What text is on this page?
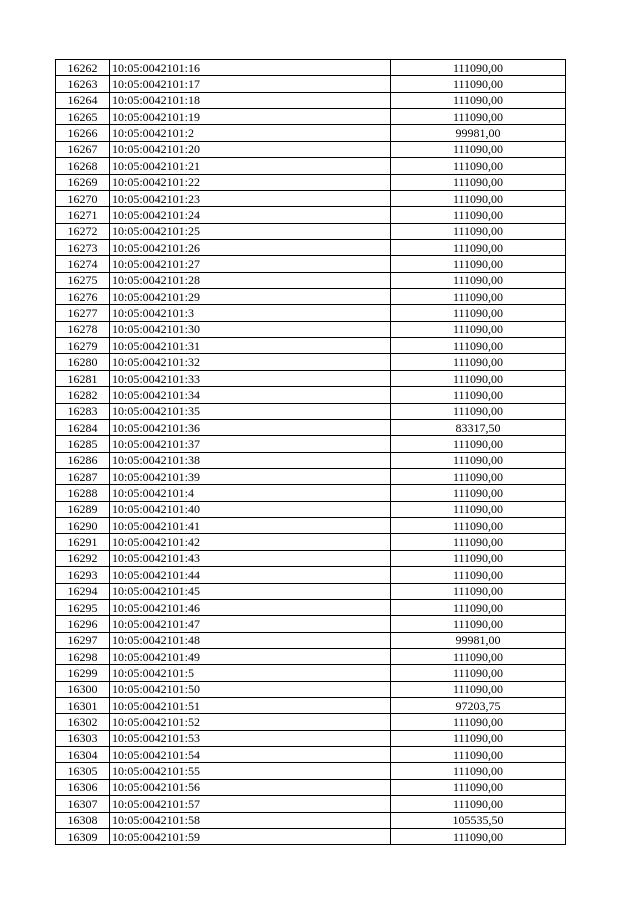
16262	10:05:0042101:16	111090,00
16263	10:05:0042101:17	111090,00
16264	10:05:0042101:18	111090,00
16265	10:05:0042101:19	111090,00
16266	10:05:0042101:2	99981,00
16267	10:05:0042101:20	111090,00
16268	10:05:0042101:21	111090,00
16269	10:05:0042101:22	111090,00
16270	10:05:0042101:23	111090,00
16271	10:05:0042101:24	111090,00
16272	10:05:0042101:25	111090,00
16273	10:05:0042101:26	111090,00
16274	10:05:0042101:27	111090,00
16275	10:05:0042101:28	111090,00
16276	10:05:0042101:29	111090,00
16277	10:05:0042101:3	111090,00
16278	10:05:0042101:30	111090,00
16279	10:05:0042101:31	111090,00
16280	10:05:0042101:32	111090,00
16281	10:05:0042101:33	111090,00
16282	10:05:0042101:34	111090,00
16283	10:05:0042101:35	111090,00
16284	10:05:0042101:36	83317,50
16285	10:05:0042101:37	111090,00
16286	10:05:0042101:38	111090,00
16287	10:05:0042101:39	111090,00
16288	10:05:0042101:4	111090,00
16289	10:05:0042101:40	111090,00
16290	10:05:0042101:41	111090,00
16291	10:05:0042101:42	111090,00
16292	10:05:0042101:43	111090,00
16293	10:05:0042101:44	111090,00
16294	10:05:0042101:45	111090,00
16295	10:05:0042101:46	111090,00
16296	10:05:0042101:47	111090,00
16297	10:05:0042101:48	99981,00
16298	10:05:0042101:49	111090,00
16299	10:05:0042101:5	111090,00
16300	10:05:0042101:50	111090,00
16301	10:05:0042101:51	97203,75
16302	10:05:0042101:52	111090,00
16303	10:05:0042101:53	111090,00
16304	10:05:0042101:54	111090,00
16305	10:05:0042101:55	111090,00
16306	10:05:0042101:56	111090,00
16307	10:05:0042101:57	111090,00
16308	10:05:0042101:58	105535,50
16309	10:05:0042101:59	111090,00
